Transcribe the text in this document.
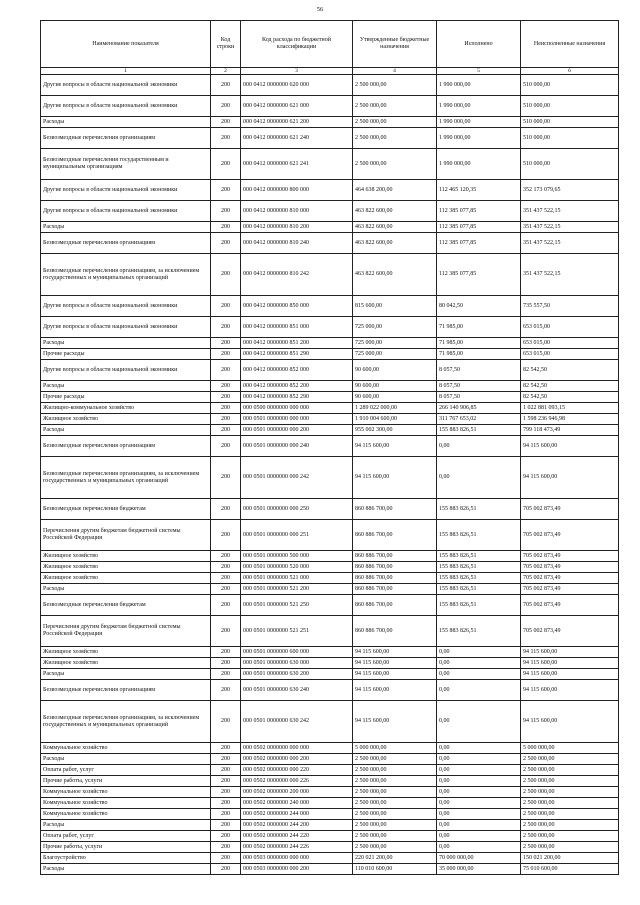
56
Наименование показателя	Код строки	Код расхода по бюджетной классификации	Утвержденные бюджетные назначения	Исполнено	Неисполненные назначения
1	2	3	4	5	6
Другие вопросы в области национальной экономики	200	000 0412 0000000 620 000	2 500 000,00	1 990 000,00	510 000,00
Другие вопросы в области национальной экономики	200	000 0412 0000000 621 000	2 500 000,00	1 990 000,00	510 000,00
Расходы	200	000 0412 0000000 621 200	2 500 000,00	1 990 000,00	510 000,00
Безвозмездные перечисления организациям	200	000 0412 0000000 621 240	2 500 000,00	1 990 000,00	510 000,00
Безвозмездные перечисления государственным и муниципальным организациям	200	000 0412 0000000 621 241	2 500 000,00	1 990 000,00	510 000,00
Другие вопросы в области национальной экономики	200	000 0412 0000000 800 000	464 638 200,00	112 465 120,35	352 173 079,65
Другие вопросы в области национальной экономики	200	000 0412 0000000 810 000	463 822 600,00	112 385 077,85	351 437 522,15
Расходы	200	000 0412 0000000 810 200	463 822 600,00	112 385 077,85	351 437 522,15
Безвозмездные перечисления организациям	200	000 0412 0000000 810 240	463 822 600,00	112 385 077,85	351 437 522,15
Безвозмездные перечисления организациям, за исключением государственных и муниципальных организаций	200	000 0412 0000000 810 242	463 822 600,00	112 385 077,85	351 437 522,15
Другие вопросы в области национальной экономики	200	000 0412 0000000 850 000	815 600,00	80 042,50	735 557,50
Другие вопросы в области национальной экономики	200	000 0412 0000000 851 000	725 000,00	71 985,00	653 015,00
Расходы	200	000 0412 0000000 851 200	725 000,00	71 985,00	653 015,00
Прочие расходы	200	000 0412 0000000 851 290	725 000,00	71 985,00	653 015,00
Другие вопросы в области национальной экономики	200	000 0412 0000000 852 000	90 600,00	8 057,50	82 542,50
Расходы	200	000 0412 0000000 852 200	90 600,00	8 057,50	82 542,50
Прочие расходы	200	000 0412 0000000 852 290	90 600,00	8 057,50	82 542,50
Жилищно-коммунальное хозяйство	200	000 0500 0000000 000 000	1 289 022 000,00	266 140 906,85	1 022 881 093,15
Жилищное хозяйство	200	000 0501 0000000 000 000	1 910 004 600,00	311 767 653,02	1 598 236 946,98
Расходы	200	000 0501 0000000 000 200	955 002 300,00	155 883 826,51	799 118 473,49
Безвозмездные перечисления организациям	200	000 0501 0000000 000 240	94 115 600,00	0,00	94 115 600,00
Безвозмездные перечисления организациям, за исключением государственных и муниципальных организаций	200	000 0501 0000000 000 242	94 115 600,00	0,00	94 115 600,00
Безвозмездные перечисления бюджетам	200	000 0501 0000000 000 250	860 886 700,00	155 883 826,51	705 002 873,49
Перечисления другим бюджетам бюджетной системы Российской Федерации	200	000 0501 0000000 000 251	860 886 700,00	155 883 826,51	705 002 873,49
Жилищное хозяйство	200	000 0501 0000000 500 000	860 886 700,00	155 883 826,51	705 002 873,49
Жилищное хозяйство	200	000 0501 0000000 520 000	860 886 700,00	155 883 826,51	705 002 873,49
Жилищное хозяйство	200	000 0501 0000000 521 000	860 886 700,00	155 883 826,51	705 002 873,49
Расходы	200	000 0501 0000000 521 200	860 886 700,00	155 883 826,51	705 002 873,49
Безвозмездные перечисления бюджетам	200	000 0501 0000000 521 250	860 886 700,00	155 883 826,51	705 002 873,49
Перечисления другим бюджетам бюджетной системы Российской Федерации	200	000 0501 0000000 521 251	860 886 700,00	155 883 826,51	705 002 873,49
Жилищное хозяйство	200	000 0501 0000000 600 000	94 115 600,00	0,00	94 115 600,00
Жилищное хозяйство	200	000 0501 0000000 630 000	94 115 600,00	0,00	94 115 600,00
Расходы	200	000 0501 0000000 630 200	94 115 600,00	0,00	94 115 600,00
Безвозмездные перечисления организациям	200	000 0501 0000000 630 240	94 115 600,00	0,00	94 115 600,00
Безвозмездные перечисления организациям, за исключением государственных и муниципальных организаций	200	000 0501 0000000 630 242	94 115 600,00	0,00	94 115 600,00
Коммунальное хозяйство	200	000 0502 0000000 000 000	5 000 000,00	0,00	5 000 000,00
Расходы	200	000 0502 0000000 000 200	2 500 000,00	0,00	2 500 000,00
Оплата работ, услуг	200	000 0502 0000000 000 220	2 500 000,00	0,00	2 500 000,00
Прочие работы, услуги	200	000 0502 0000000 000 226	2 500 000,00	0,00	2 500 000,00
Коммунальное хозяйство	200	000 0502 0000000 200 000	2 500 000,00	0,00	2 500 000,00
Коммунальное хозяйство	200	000 0502 0000000 240 000	2 500 000,00	0,00	2 500 000,00
Коммунальное хозяйство	200	000 0502 0000000 244 000	2 500 000,00	0,00	2 500 000,00
Расходы	200	000 0502 0000000 244 200	2 500 000,00	0,00	2 500 000,00
Оплата работ, услуг	200	000 0502 0000000 244 220	2 500 000,00	0,00	2 500 000,00
Прочие работы, услуги	200	000 0502 0000000 244 226	2 500 000,00	0,00	2 500 000,00
Благоустройство	200	000 0503 0000000 000 000	220 021 200,00	70 000 000,00	150 021 200,00
Расходы	200	000 0503 0000000 000 200	110 010 600,00	35 000 000,00	75 010 600,00
